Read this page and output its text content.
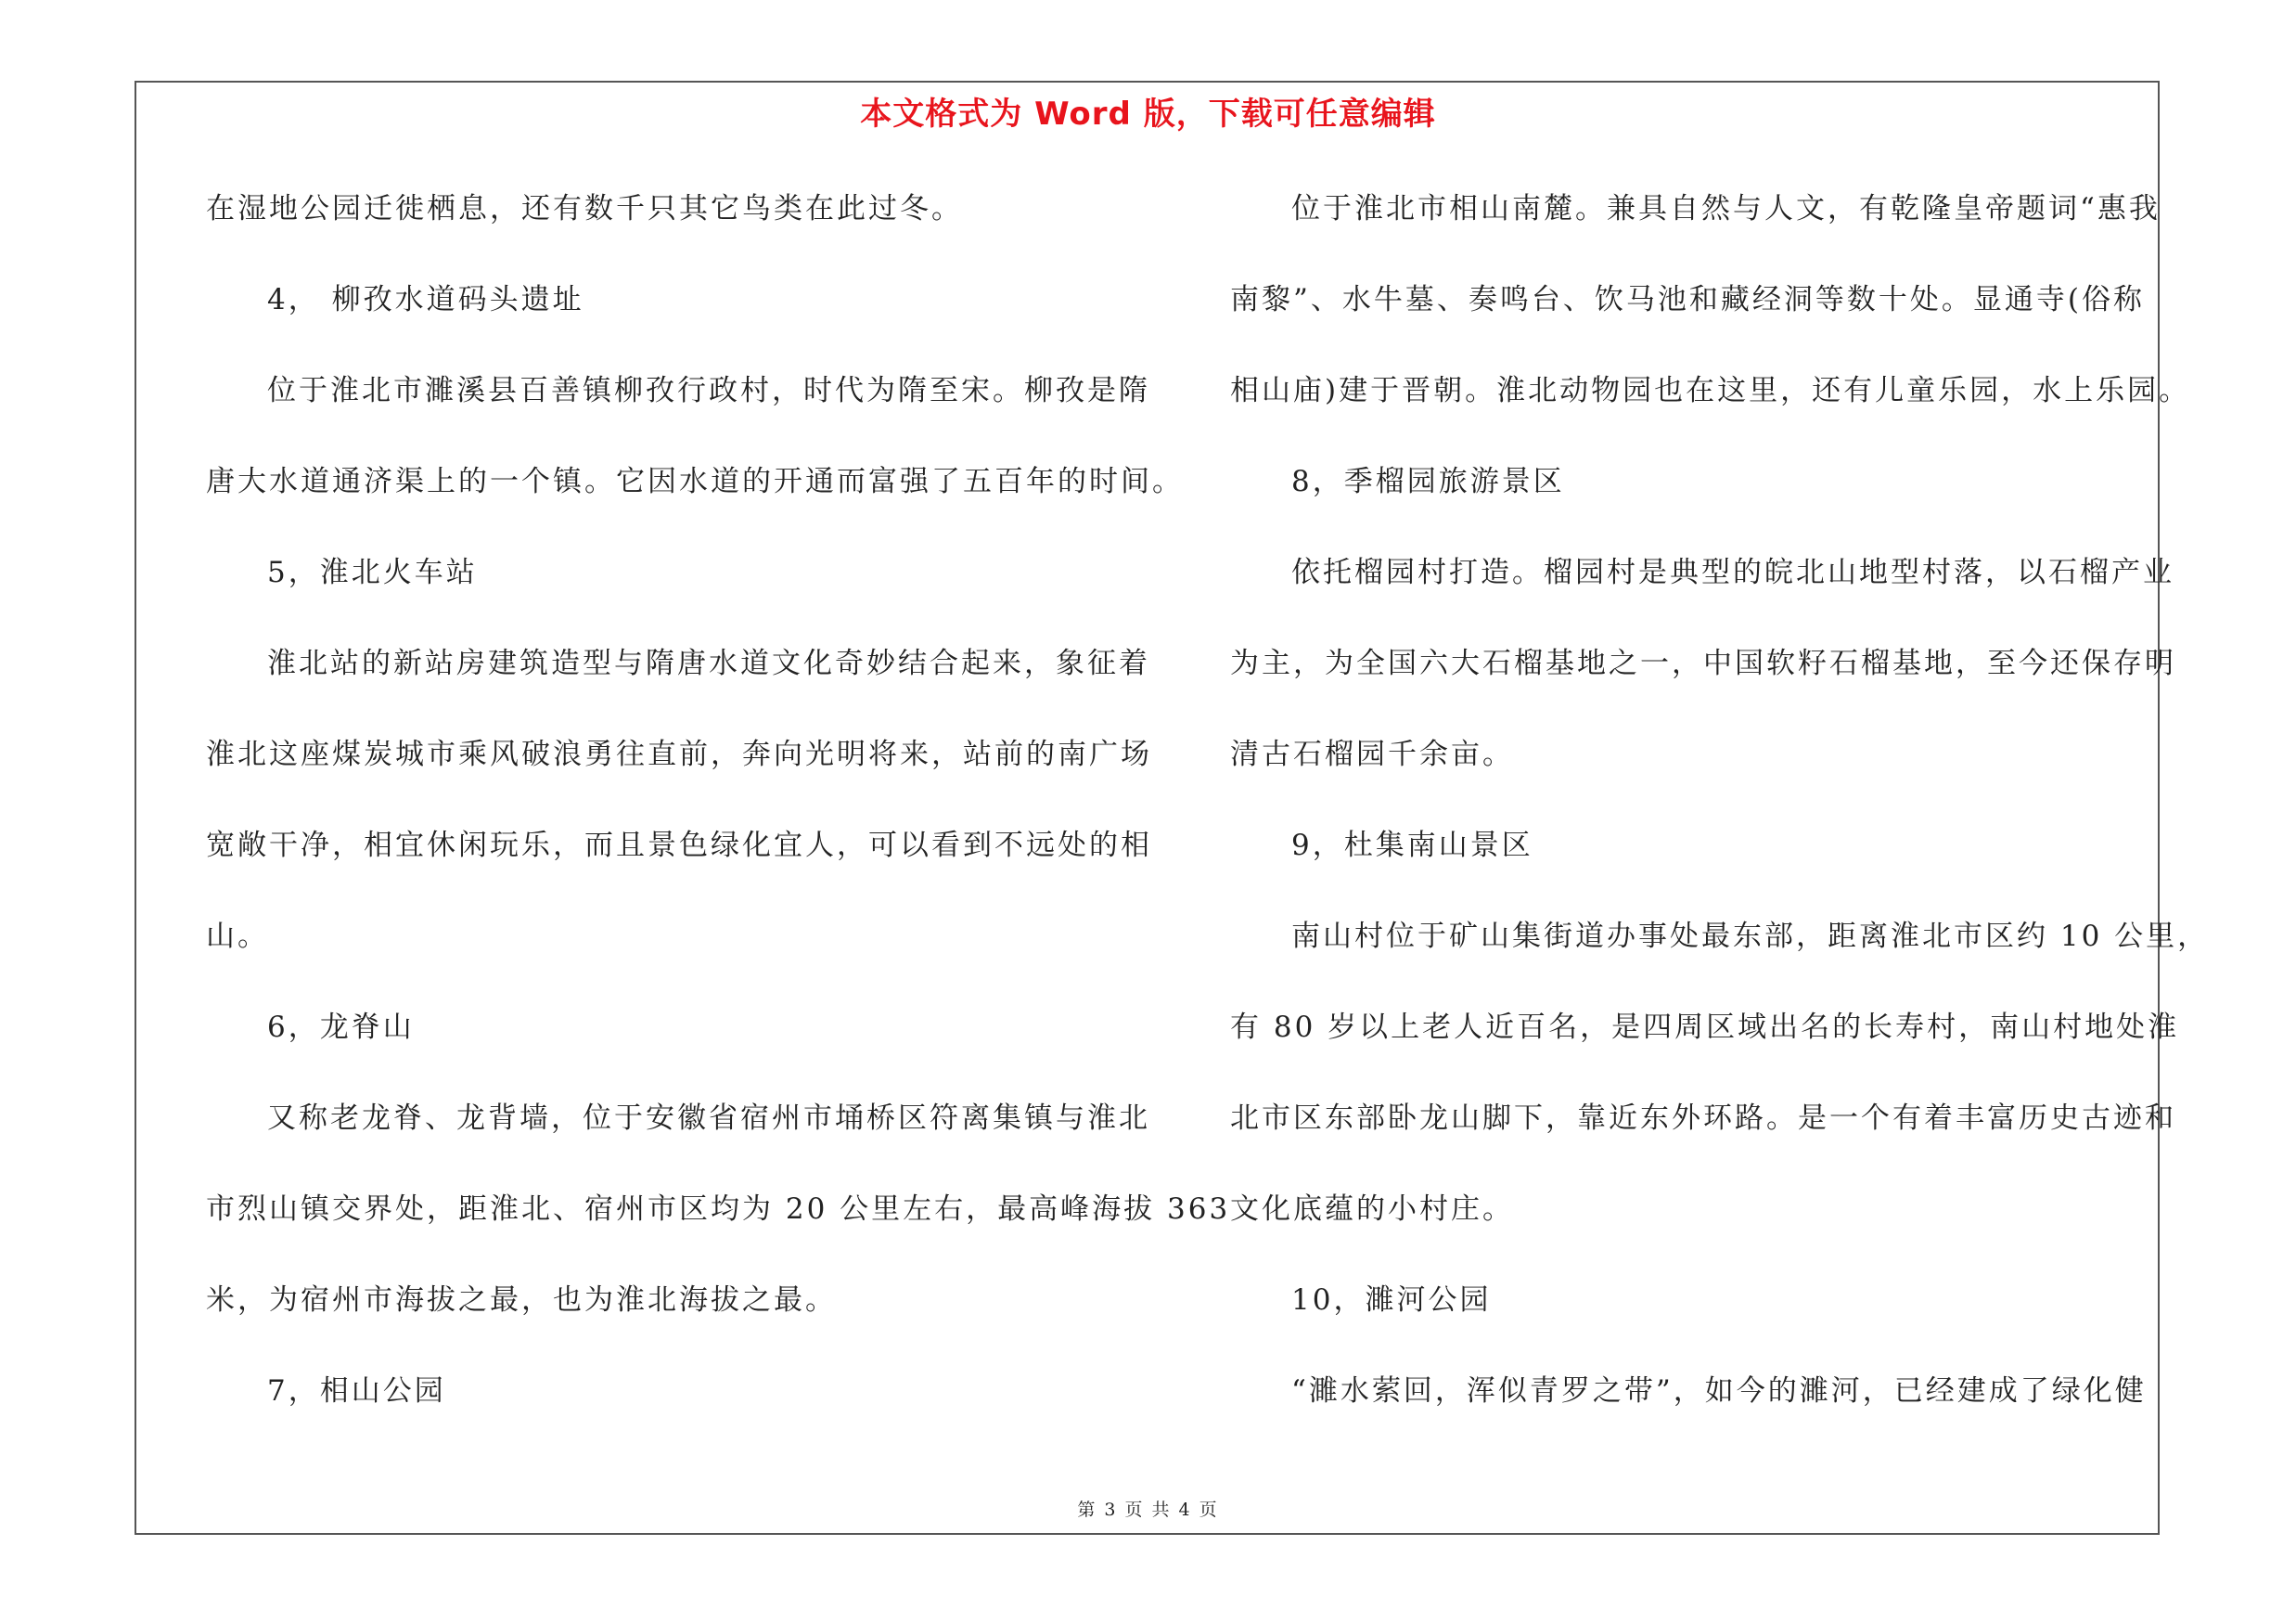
本文格式为 Word 版，下载可任意编辑
在湿地公园迁徙栖息，还有数千只其它鸟类在此过冬。
4， 柳孜水道码头遗址
位于淮北市濉溪县百善镇柳孜行政村，时代为隋至宋。柳孜是隋
唐大水道通济渠上的一个镇。它因水道的开通而富强了五百年的时间。
5，淮北火车站
淮北站的新站房建筑造型与隋唐水道文化奇妙结合起来，象征着
淮北这座煤炭城市乘风破浪勇往直前，奔向光明将来，站前的南广场
宽敞干净，相宜休闲玩乐，而且景色绿化宜人，可以看到不远处的相
山。
6，龙脊山
又称老龙脊、龙背墙，位于安徽省宿州市埇桥区符离集镇与淮北
市烈山镇交界处，距淮北、宿州市区均为 20 公里左右，最高峰海拔 363
米，为宿州市海拔之最，也为淮北海拔之最。
7，相山公园
位于淮北市相山南麓。兼具自然与人文，有乾隆皇帝题词“惠我
南黎”、水牛墓、奏鸣台、饮马池和藏经洞等数十处。显通寺(俗称
相山庙)建于晋朝。淮北动物园也在这里，还有儿童乐园，水上乐园。
8，季榴园旅游景区
依托榴园村打造。榴园村是典型的皖北山地型村落，以石榴产业
为主，为全国六大石榴基地之一，中国软籽石榴基地，至今还保存明
清古石榴园千余亩。
9，杜集南山景区
南山村位于矿山集街道办事处最东部，距离淮北市区约 10 公里，
有 80 岁以上老人近百名，是四周区域出名的长寿村，南山村地处淮
北市区东部卧龙山脚下，靠近东外环路。是一个有着丰富历史古迹和
文化底蕴的小村庄。
10，濉河公园
“濉水萦回，浑似青罗之带”，如今的濉河，已经建成了绿化健
第 3 页 共 4 页
